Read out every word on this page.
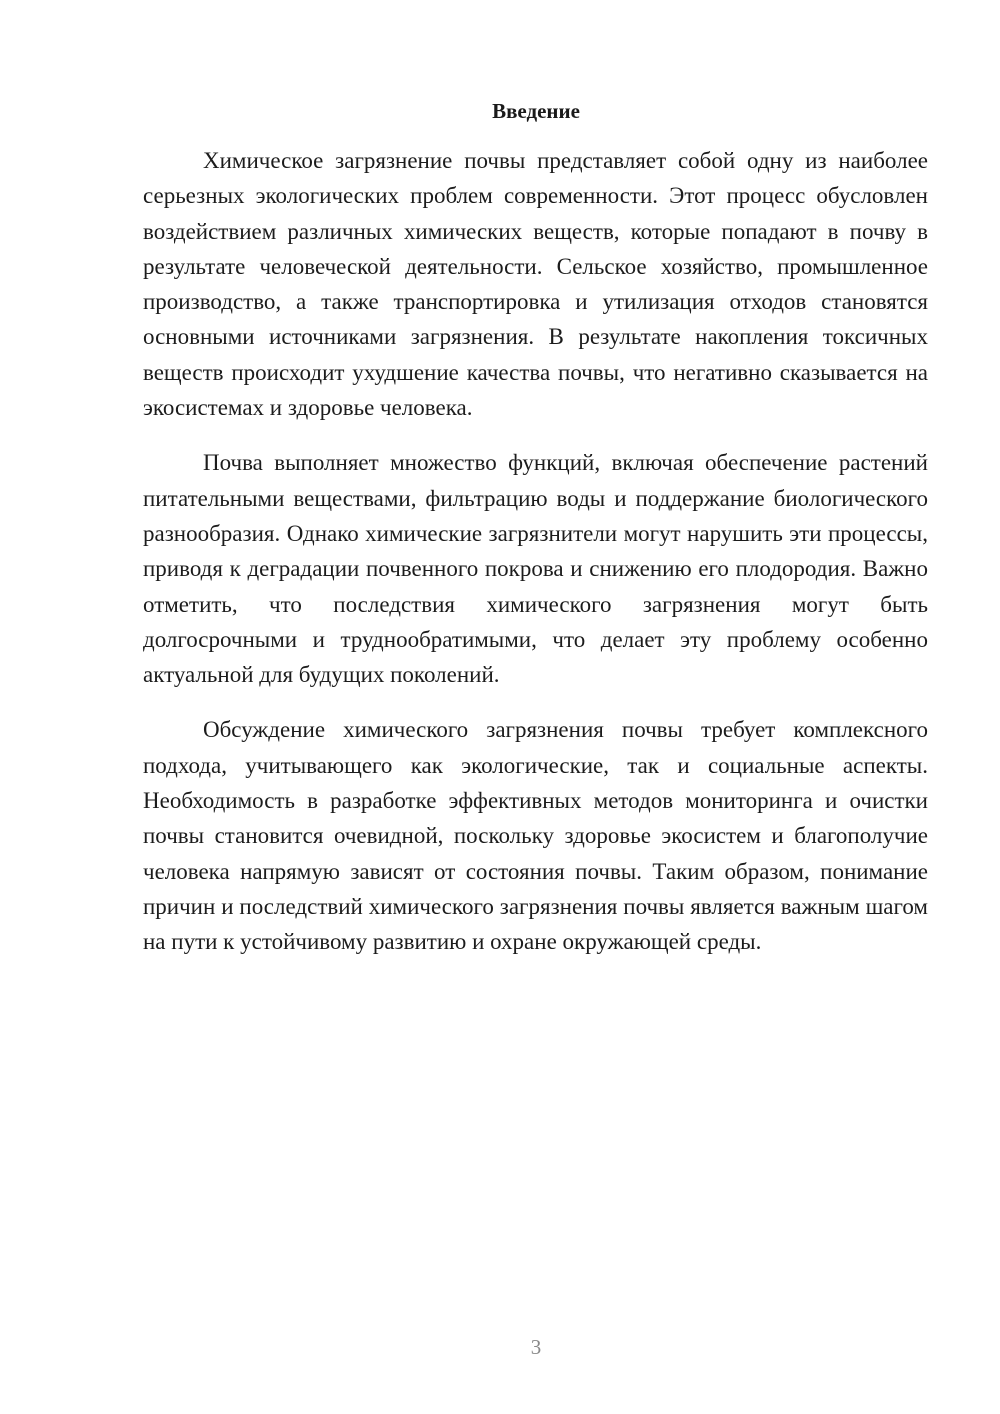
Введение

Химическое загрязнение почвы представляет собой одну из наиболее серьезных экологических проблем современности. Этот процесс обусловлен воздействием различных химических веществ, которые попадают в почву в результате человеческой деятельности. Сельское хозяйство, промышленное производство, а также транспортировка и утилизация отходов становятся основными источниками загрязнения. В результате накопления токсичных веществ происходит ухудшение качества почвы, что негативно сказывается на экосистемах и здоровье человека.

Почва выполняет множество функций, включая обеспечение растений питательными веществами, фильтрацию воды и поддержание биологического разнообразия. Однако химические загрязнители могут нарушить эти процессы, приводя к деградации почвенного покрова и снижению его плодородия. Важно отметить, что последствия химического загрязнения могут быть долгосрочными и труднообратимыми, что делает эту проблему особенно актуальной для будущих поколений.

Обсуждение химического загрязнения почвы требует комплексного подхода, учитывающего как экологические, так и социальные аспекты. Необходимость в разработке эффективных методов мониторинга и очистки почвы становится очевидной, поскольку здоровье экосистем и благополучие человека напрямую зависят от состояния почвы. Таким образом, понимание причин и последствий химического загрязнения почвы является важным шагом на пути к устойчивому развитию и охране окружающей среды.

3
